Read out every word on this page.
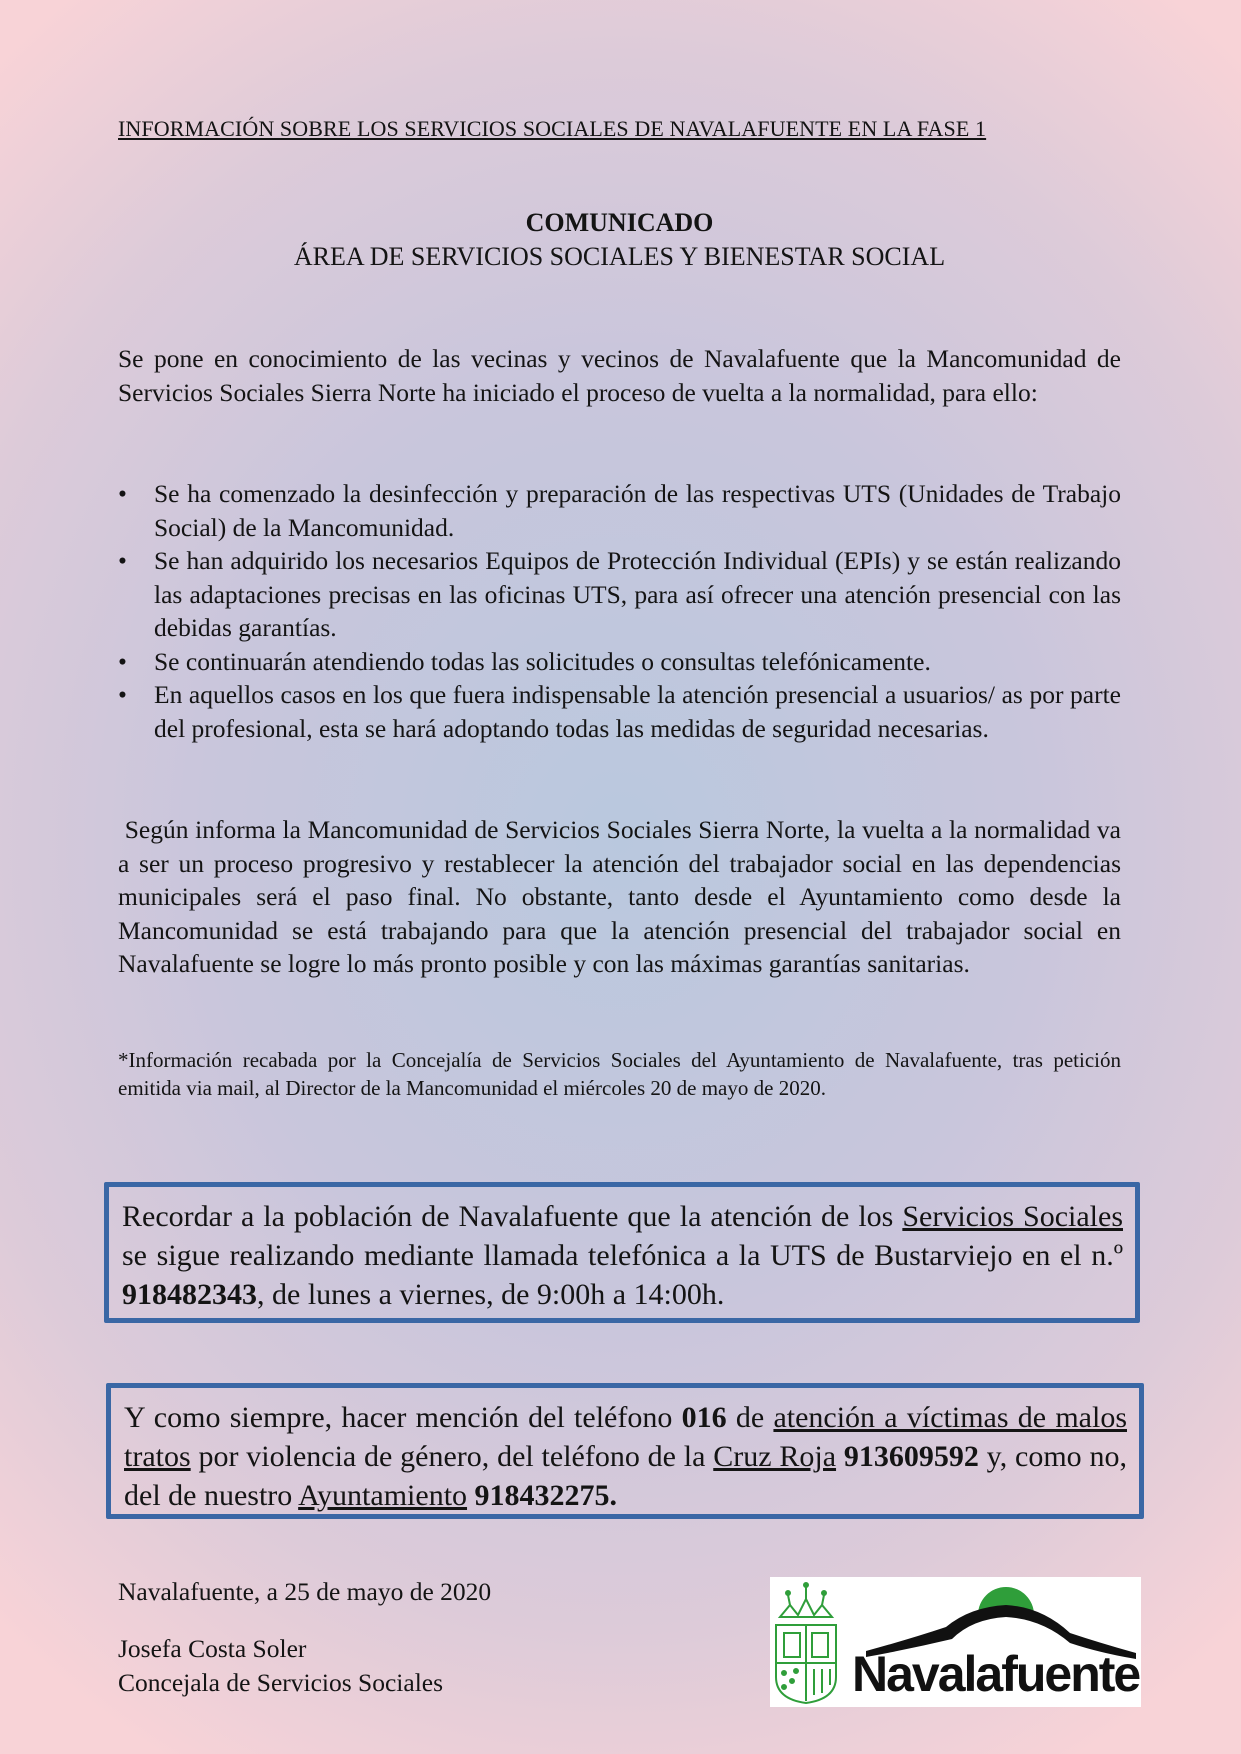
INFORMACIÓN SOBRE LOS SERVICIOS SOCIALES DE NAVALAFUENTE EN LA FASE 1
COMUNICADO
ÁREA DE SERVICIOS SOCIALES Y BIENESTAR SOCIAL
Se pone en conocimiento de las vecinas y vecinos de Navalafuente que la Mancomunidad de Servicios Sociales Sierra Norte ha iniciado el proceso de vuelta a la normalidad, para ello:
• Se ha comenzado la desinfección y preparación de las respectivas UTS (Unidades de Trabajo Social) de la Mancomunidad.
• Se han adquirido los necesarios Equipos de Protección Individual (EPIs) y se están realizando las adaptaciones precisas en las oficinas UTS, para así ofrecer una atención presencial con las debidas garantías.
• Se continuarán atendiendo todas las solicitudes o consultas telefónicamente.
• En aquellos casos en los que fuera indispensable la atención presencial a usuarios/ as por parte del profesional, esta se hará adoptando todas las medidas de seguridad necesarias.
Según informa la Mancomunidad de Servicios Sociales Sierra Norte, la vuelta a la normalidad va a ser un proceso progresivo y restablecer la atención del trabajador social en las dependencias municipales será el paso final. No obstante, tanto desde el Ayuntamiento como desde la Mancomunidad se está trabajando para que la atención presencial del trabajador social en Navalafuente se logre lo más pronto posible y con las máximas garantías sanitarias.
*Información recabada por la Concejalía de Servicios Sociales del Ayuntamiento de Navalafuente, tras petición emitida via mail, al Director de la Mancomunidad el miércoles 20 de mayo de 2020.
Recordar a la población de Navalafuente que la atención de los Servicios Sociales se sigue realizando mediante llamada telefónica a la UTS de Bustarviejo en el n.º 918482343, de lunes a viernes, de 9:00h a 14:00h.
Y como siempre, hacer mención del teléfono 016 de atención a víctimas de malos tratos por violencia de género, del teléfono de la Cruz Roja 913609592 y, como no, del de nuestro Ayuntamiento 918432275.
Navalafuente, a 25 de mayo de 2020
Josefa Costa Soler
Concejala de Servicios Sociales	Navalafuente
